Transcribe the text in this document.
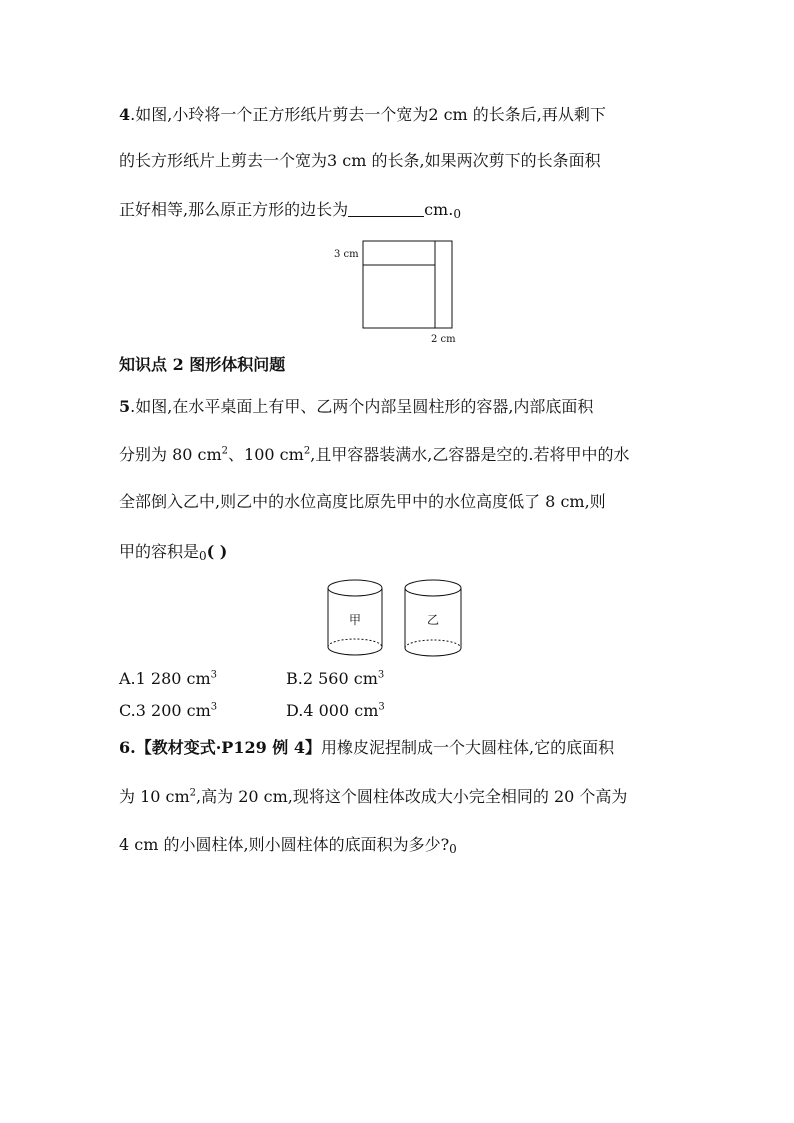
4.如图,小玲将一个正方形纸片剪去一个宽为2 cm 的长条后,再从剩下
的长方形纸片上剪去一个宽为3 cm 的长条,如果两次剪下的长条面积
正好相等,那么原正方形的边长为	cm.0
3 cm
2 cm
知识点 2 图形体积问题
5.如图,在水平桌面上有甲、乙两个内部呈圆柱形的容器,内部底面积
分别为 80 $cm^2$、100 $cm^2$,且甲容器装满水,乙容器是空的.若将甲中的水
全部倒入乙中,则乙中的水位高度比原先甲中的水位高度低了 8 cm,则
甲的容积是0( )
甲	乙
A.1 280 $cm^3$	B.2 560 $cm^3$
C.3 200 $cm^3$	D.4 000 $cm^3$
6.【教材变式·P129 例 4】用橡皮泥捏制成一个大圆柱体,它的底面积
为 10 $cm^2$,高为 20 cm,现将这个圆柱体改成大小完全相同的 20 个高为
4 cm 的小圆柱体,则小圆柱体的底面积为多少?0
